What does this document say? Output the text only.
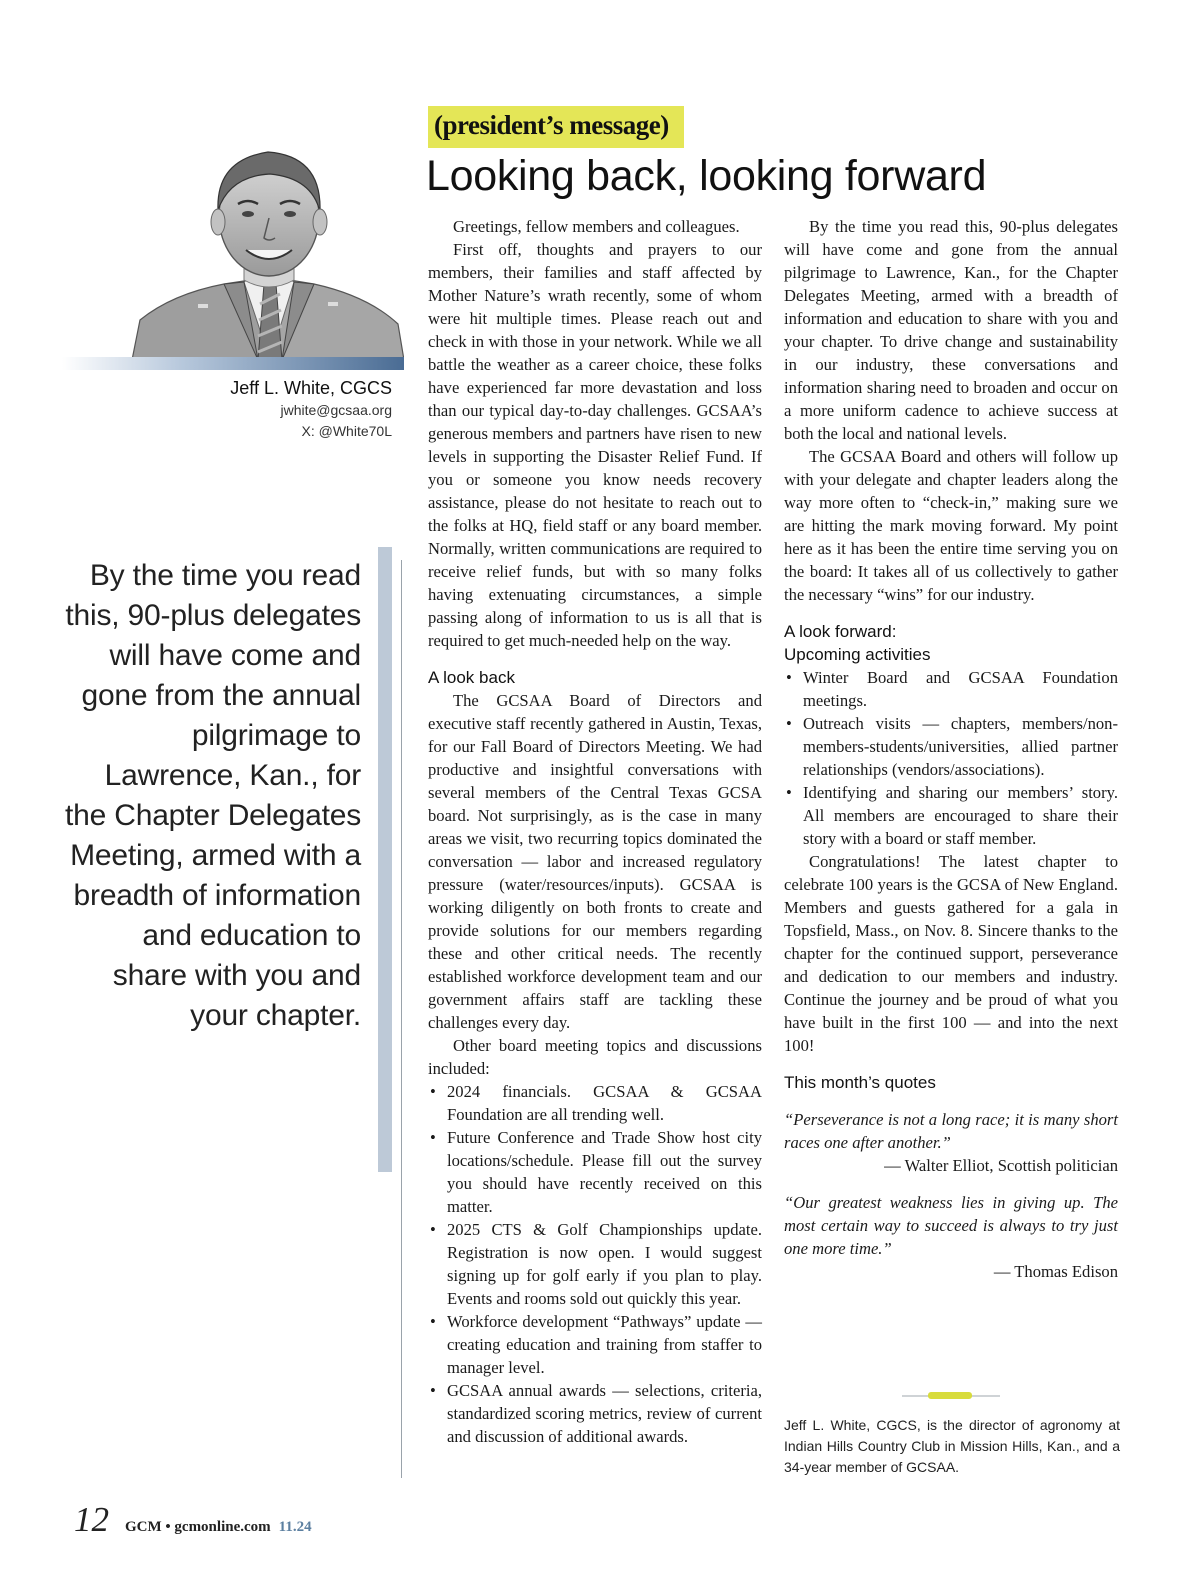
(president’s message)
Looking back, looking forward
Jeff L. White, CGCS
jwhite@gcsaa.org
X: @White70L
By the time you read this, 90-plus delegates will have come and gone from the annual pilgrimage to Lawrence, Kan., for the Chapter Delegates Meeting, armed with a breadth of information and education to share with you and your chapter.

Greetings, fellow members and colleagues.

First off, thoughts and prayers to our members, their families and staff affected by Mother Nature’s wrath recently, some of whom were hit multiple times. Please reach out and check in with those in your network. While we all battle the weather as a career choice, these folks have experienced far more devastation and loss than our typical day-to-day challenges. GCSAA’s generous members and partners have risen to new levels in supporting the Disaster Relief Fund. If you or someone you know needs recovery assistance, please do not hesitate to reach out to the folks at HQ, field staff or any board member. Normally, written communications are required to receive relief funds, but with so many folks having extenuating circumstances, a simple passing along of information to us is all that is required to get much-needed help on the way.

A look back

The GCSAA Board of Directors and executive staff recently gathered in Austin, Texas, for our Fall Board of Directors Meeting. We had productive and insightful conversations with several members of the Central Texas GCSA board. Not surprisingly, as is the case in many areas we visit, two recurring topics dominated the conversation — labor and increased regulatory pressure (water/resources/inputs). GCSAA is working diligently on both fronts to create and provide solutions for our members regarding these and other critical needs. The recently established workforce development team and our government affairs staff are tackling these challenges every day.

Other board meeting topics and discussions included:

• 2024 financials. GCSAA & GCSAA Foundation are all trending well.
• Future Conference and Trade Show host city locations/schedule. Please fill out the survey you should have recently received on this matter.
• 2025 CTS & Golf Championships update. Registration is now open. I would suggest signing up for golf early if you plan to play. Events and rooms sold out quickly this year.
• Workforce development “Pathways” update — creating education and training from staffer to manager level.
• GCSAA annual awards — selections, criteria, standardized scoring metrics, review of current and discussion of additional awards.

By the time you read this, 90-plus delegates will have come and gone from the annual pilgrimage to Lawrence, Kan., for the Chapter Delegates Meeting, armed with a breadth of information and education to share with you and your chapter. To drive change and sustainability in our industry, these conversations and information sharing need to broaden and occur on a more uniform cadence to achieve success at both the local and national levels.

The GCSAA Board and others will follow up with your delegate and chapter leaders along the way more often to “check-in,” making sure we are hitting the mark moving forward. My point here as it has been the entire time serving you on the board: It takes all of us collectively to gather the necessary “wins” for our industry.

A look forward:
Upcoming activities
• Winter Board and GCSAA Foundation meetings.
• Outreach visits — chapters, members/non-members-students/universities, allied partner relationships (vendors/associations).
• Identifying and sharing our members’ story. All members are encouraged to share their story with a board or staff member.

Congratulations! The latest chapter to celebrate 100 years is the GCSA of New England. Members and guests gathered for a gala in Topsfield, Mass., on Nov. 8. Sincere thanks to the chapter for the continued support, perseverance and dedication to our members and industry. Continue the journey and be proud of what you have built in the first 100 — and into the next 100!

This month’s quotes

“Perseverance is not a long race; it is many short races one after another.”

— Walter Elliot, Scottish politician

“Our greatest weakness lies in giving up. The most certain way to succeed is always to try just one more time.”

— Thomas Edison

Jeff L. White, CGCS, is the director of agronomy at Indian Hills Country Club in Mission Hills, Kan., and a 34-year member of GCSAA.
12 GCM • gcmonline.com 11.24
